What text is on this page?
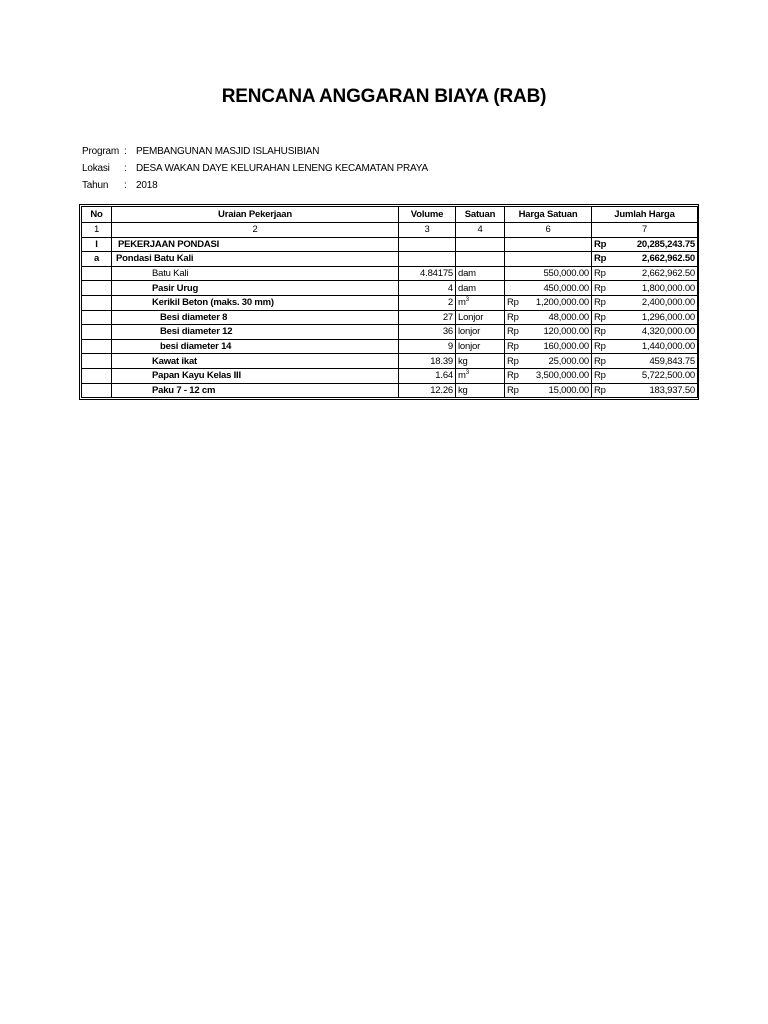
RENCANA ANGGARAN BIAYA (RAB)
Program : PEMBANGUNAN MASJID ISLAHUSIBIAN
Lokasi : DESA WAKAN DAYE KELURAHAN LENENG KECAMATAN PRAYA
Tahun : 2018
No	Uraian Pekerjaan	Volume	Satuan	Harga Satuan		Jumlah Harga	
1	2	3	4	6		7	
I	PEKERJAAN PONDASI					Rp	20,285,243.75
a	Pondasi Batu Kali					Rp	2,662,962.50
	Batu Kali	4.84175	dam		550,000.00	Rp	2,662,962.50
	Pasir Urug	4	dam		450,000.00	Rp	1,800,000.00
	Kerikil Beton (maks. 30 mm)	2	$m^3$	Rp	1,200,000.00	Rp	2,400,000.00
	Besi diameter 8	27	Lonjor	Rp	48,000.00	Rp	1,296,000.00
	Besi diameter 12	36	lonjor	Rp	120,000.00	Rp	4,320,000.00
	besi diameter 14	9	lonjor	Rp	160,000.00	Rp	1,440,000.00
	Kawat ikat	18.39	kg	Rp	25,000.00	Rp	459,843.75
	Papan Kayu Kelas III	1.64	$m^3$	Rp	3,500,000.00	Rp	5,722,500.00
	Paku 7 - 12 cm	12.26	kg	Rp	15,000.00	Rp	183,937.50
